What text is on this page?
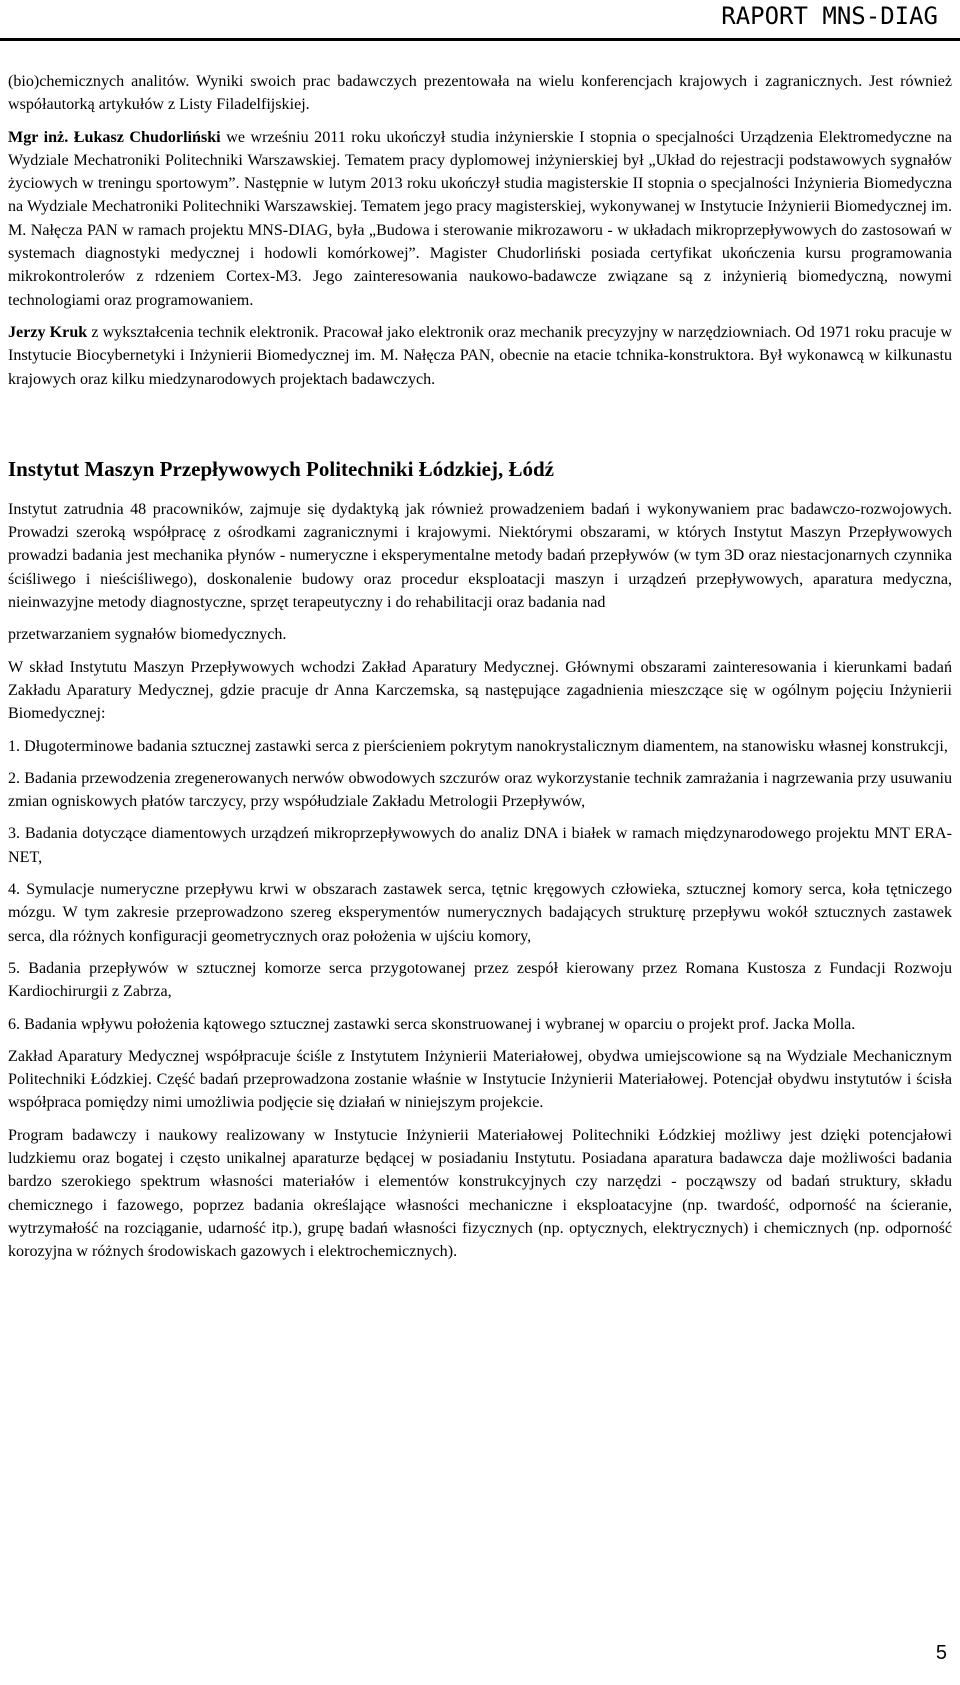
RAPORT MNS-DIAG

(bio)chemicznych analitów. Wyniki swoich prac badawczych prezentowała na wielu konferencjach krajowych i zagranicznych. Jest również współautorką artykułów z Listy Filadelfijskiej.

Mgr inż. Łukasz Chudorliński we wrześniu 2011 roku ukończył studia inżynierskie I stopnia o specjalności Urządzenia Elektromedyczne na Wydziale Mechatroniki Politechniki Warszawskiej. Tematem pracy dyplomowej inżynierskiej był „Układ do rejestracji podstawowych sygnałów życiowych w treningu sportowym”. Następnie w lutym 2013 roku ukończył studia magisterskie II stopnia o specjalności Inżynieria Biomedyczna na Wydziale Mechatroniki Politechniki Warszawskiej. Tematem jego pracy magisterskiej, wykonywanej w Instytucie Inżynierii Biomedycznej im. M. Nałęcza PAN w ramach projektu MNS-DIAG, była „Budowa i sterowanie mikrozaworu - w układach mikroprzepływowych do zastosowań w systemach diagnostyki medycznej i hodowli komórkowej”. Magister Chudorliński posiada certyfikat ukończenia kursu programowania mikrokontrolerów z rdzeniem Cortex-M3. Jego zainteresowania naukowo-badawcze związane są z inżynierią biomedyczną, nowymi technologiami oraz programowaniem.

Jerzy Kruk z wykształcenia technik elektronik. Pracował jako elektronik oraz mechanik precyzyjny w narzędziowniach. Od 1971 roku pracuje w Instytucie Biocybernetyki i Inżynierii Biomedycznej im. M. Nałęcza PAN, obecnie na etacie tchnika-konstruktora. Był wykonawcą w kilkunastu krajowych oraz kilku miedzynarodowych projektach badawczych.

Instytut Maszyn Przepływowych Politechniki Łódzkiej, Łódź

Instytut zatrudnia 48 pracowników, zajmuje się dydaktyką jak również prowadzeniem badań i wykonywaniem prac badawczo-rozwojowych. Prowadzi szeroką współpracę z ośrodkami zagranicznymi i krajowymi. Niektórymi obszarami, w których Instytut Maszyn Przepływowych prowadzi badania jest mechanika płynów - numeryczne i eksperymentalne metody badań przepływów (w tym 3D oraz niestacjonarnych czynnika ściśliwego i nieściśliwego), doskonalenie budowy oraz procedur eksploatacji maszyn i urządzeń przepływowych, aparatura medyczna, nieinwazyjne metody diagnostyczne, sprzęt terapeutyczny i do rehabilitacji oraz badania nad

przetwarzaniem sygnałów biomedycznych.

W skład Instytutu Maszyn Przepływowych wchodzi Zakład Aparatury Medycznej. Głównymi obszarami zainteresowania i kierunkami badań Zakładu Aparatury Medycznej, gdzie pracuje dr Anna Karczemska, są następujące zagadnienia mieszczące się w ogólnym pojęciu Inżynierii Biomedycznej:

1. Długoterminowe badania sztucznej zastawki serca z pierścieniem pokrytym nanokrystalicznym diamentem, na stanowisku własnej konstrukcji,

2. Badania przewodzenia zregenerowanych nerwów obwodowych szczurów oraz wykorzystanie technik zamrażania i nagrzewania przy usuwaniu zmian ogniskowych płatów tarczycy, przy współudziale Zakładu Metrologii Przepływów,

3. Badania dotyczące diamentowych urządzeń mikroprzepływowych do analiz DNA i białek w ramach międzynarodowego projektu MNT ERA-NET,

4. Symulacje numeryczne przepływu krwi w obszarach zastawek serca, tętnic kręgowych człowieka, sztucznej komory serca, koła tętniczego mózgu. W tym zakresie przeprowadzono szereg eksperymentów numerycznych badających strukturę przepływu wokół sztucznych zastawek serca, dla różnych konfiguracji geometrycznych oraz położenia w ujściu komory,

5. Badania przepływów w sztucznej komorze serca przygotowanej przez zespół kierowany przez Romana Kustosza z Fundacji Rozwoju Kardiochirurgii z Zabrza,

6. Badania wpływu położenia kątowego sztucznej zastawki serca skonstruowanej i wybranej w oparciu o projekt prof. Jacka Molla.

Zakład Aparatury Medycznej współpracuje ściśle z Instytutem Inżynierii Materiałowej, obydwa umiejscowione są na Wydziale Mechanicznym Politechniki Łódzkiej. Część badań przeprowadzona zostanie właśnie w Instytucie Inżynierii Materiałowej. Potencjał obydwu instytutów i ścisła współpraca pomiędzy nimi umożliwia podjęcie się działań w niniejszym projekcie.

Program badawczy i naukowy realizowany w Instytucie Inżynierii Materiałowej Politechniki Łódzkiej możliwy jest dzięki potencjałowi ludzkiemu oraz bogatej i często unikalnej aparaturze będącej w posiadaniu Instytutu. Posiadana aparatura badawcza daje możliwości badania bardzo szerokiego spektrum własności materiałów i elementów konstrukcyjnych czy narzędzi - począwszy od badań struktury, składu chemicznego i fazowego, poprzez badania określające własności mechaniczne i eksploatacyjne (np. twardość, odporność na ścieranie, wytrzymałość na rozciąganie, udarność itp.), grupę badań własności fizycznych (np. optycznych, elektrycznych) i chemicznych (np. odporność korozyjna w różnych środowiskach gazowych i elektrochemicznych).

5
